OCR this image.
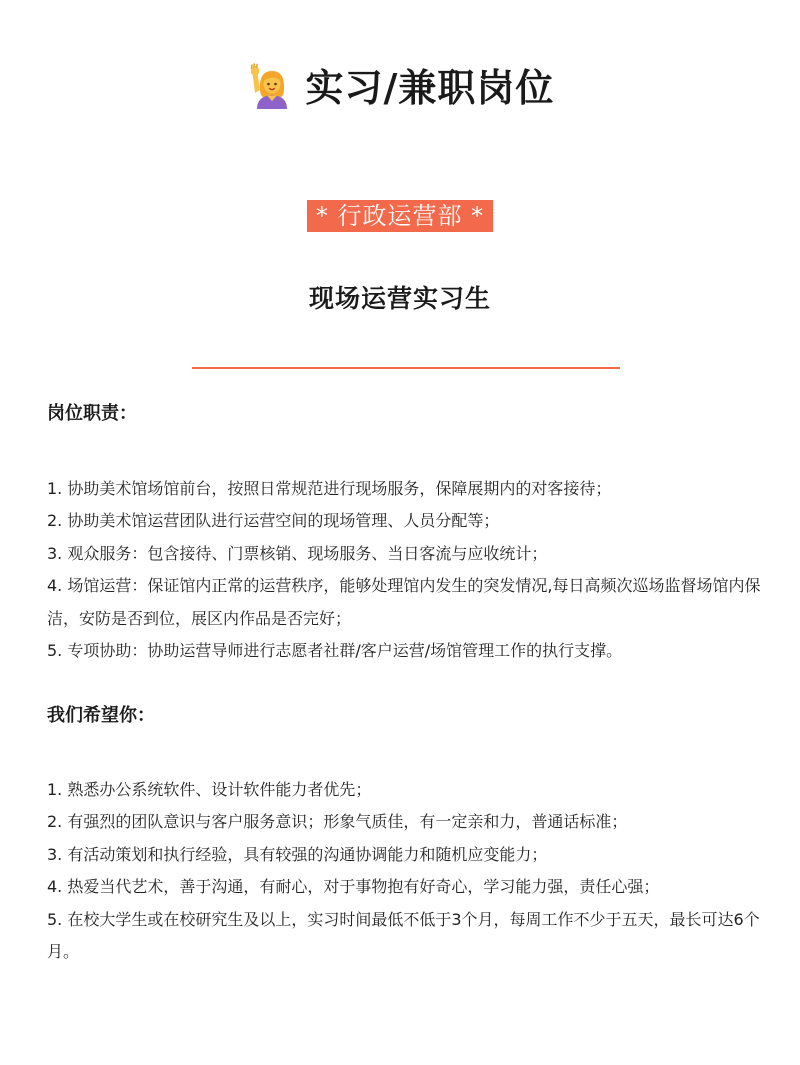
实习/兼职岗位
* 行政运营部 *
现场运营实习生
岗位职责：
1. 协助美术馆场馆前台，按照日常规范进行现场服务，保障展期内的对客接待；
2. 协助美术馆运营团队进行运营空间的现场管理、人员分配等；
3. 观众服务：包含接待、门票核销、现场服务、当日客流与应收统计；
4. 场馆运营：保证馆内正常的运营秩序，能够处理馆内发生的突发情况,每日高频次巡场监督场馆内保洁，安防是否到位，展区内作品是否完好；
5. 专项协助：协助运营导师进行志愿者社群/客户运营/场馆管理工作的执行支撑。
我们希望你：
1. 熟悉办公系统软件、设计软件能力者优先；
2. 有强烈的团队意识与客户服务意识；形象气质佳，有一定亲和力，普通话标准；
3. 有活动策划和执行经验，具有较强的沟通协调能力和随机应变能力；
4. 热爱当代艺术，善于沟通，有耐心，对于事物抱有好奇心，学习能力强，责任心强；
5. 在校大学生或在校研究生及以上，实习时间最低不低于3个月，每周工作不少于五天，最长可达6个月。
